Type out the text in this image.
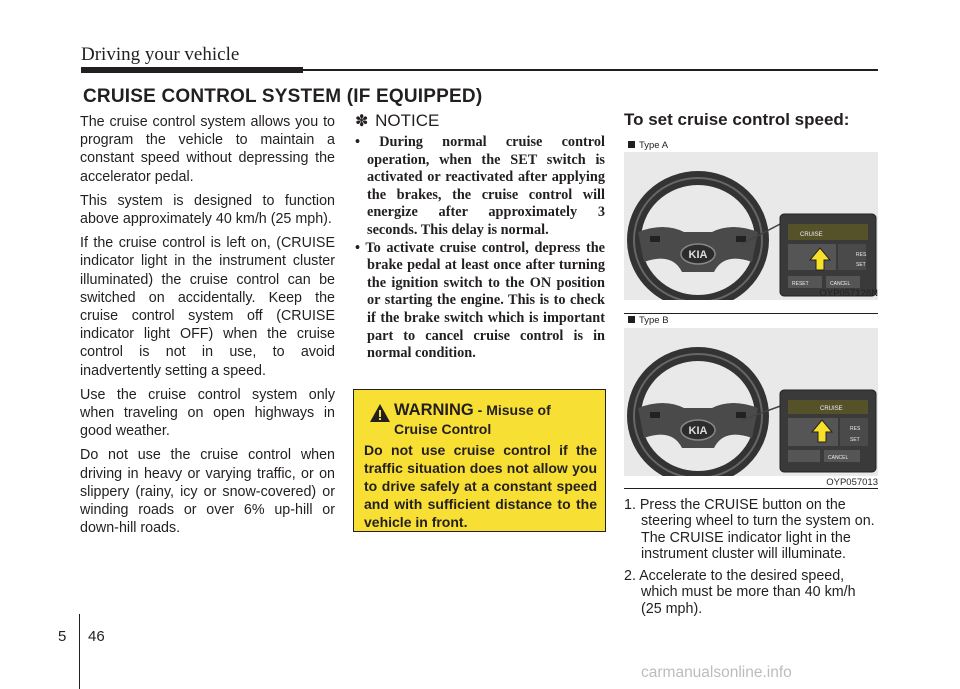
Driving your vehicle
CRUISE CONTROL SYSTEM (IF EQUIPPED)

The cruise control system allows you to program the vehicle to maintain a constant speed without depressing the accelerator pedal.

This system is designed to function above approximately 40 km/h (25 mph).

If the cruise control is left on, (CRUISE indicator light in the instrument cluster illuminated) the cruise control can be switched on accidentally. Keep the cruise control system off (CRUISE indicator light OFF) when the cruise control is not in use, to avoid inadvertently setting a speed.

Use the cruise control system only when traveling on open highways in good weather.

Do not use the cruise control when driving in heavy or varying traffic, or on slippery (rainy, icy or snow-covered) or winding roads or over 6% up-hill or down-hill roads.

✽ NOTICE
• During normal cruise control operation, when the SET switch is activated or reactivated after applying the brakes, the cruise control will energize after approximately 3 seconds. This delay is normal.
• To activate cruise control, depress the brake pedal at least once after turning the ignition switch to the ON position or starting the engine. This is to check if the brake switch which is important part to cancel cruise control is in normal condition.
WARNING - Misuse of
Cruise Control
Do not use cruise control if the traffic situation does not allow you to drive safely at a constant speed and with sufficient distance to the vehicle in front.
To set cruise control speed:
Type A
KIA
CRUISE
RES
SET
RESET	CANCEL
OYP057128N
Type B
KIA
CRUISE
RES
SET
CANCEL
OYP057013
1. Press the CRUISE button on the steering wheel to turn the system on. The CRUISE indicator light in the instrument cluster will illuminate.
2. Accelerate to the desired speed, which must be more than 40 km/h (25 mph).
5 46
carmanualsonline.info
